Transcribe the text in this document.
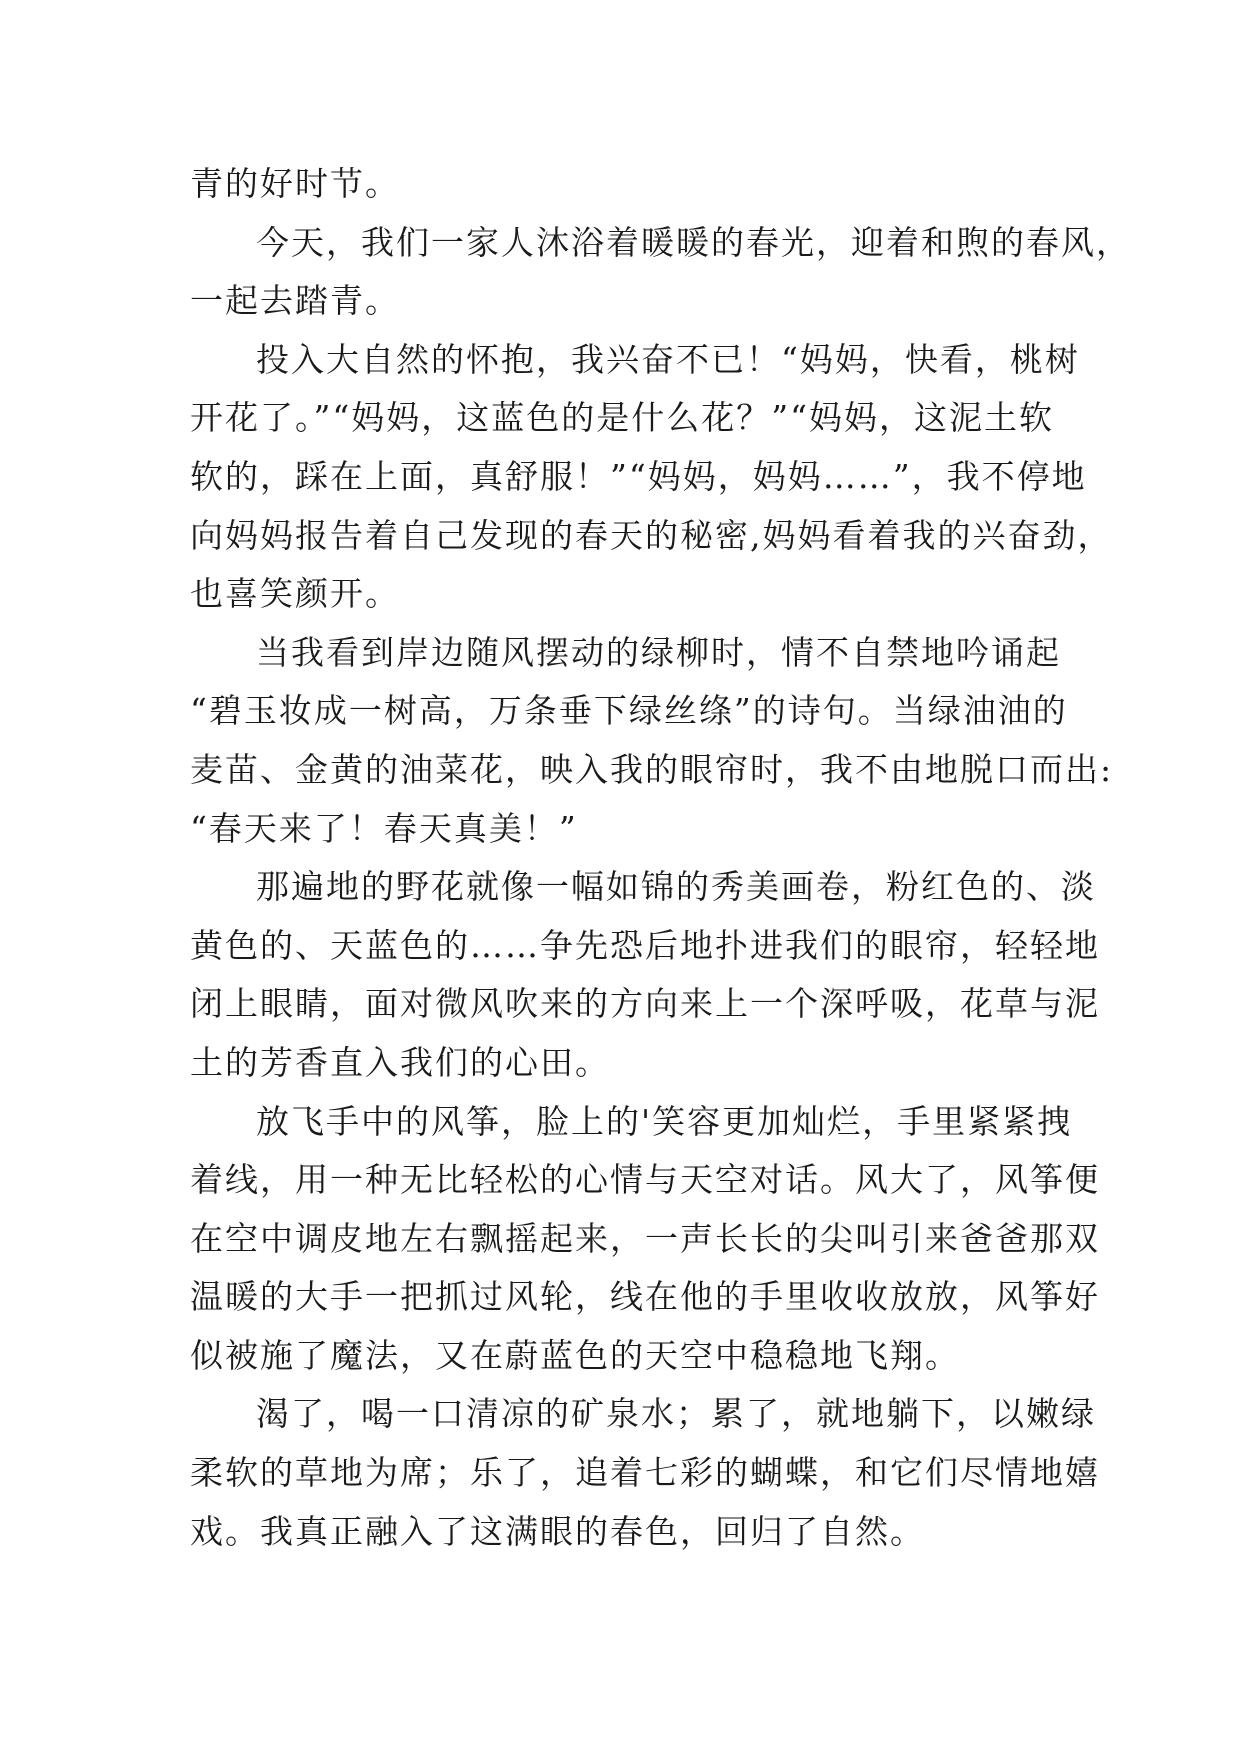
青的好时节。
今天，我们一家人沐浴着暖暖的春光，迎着和煦的春风，
一起去踏青。
投入大自然的怀抱，我兴奋不已！“妈妈，快看，桃树
开花了。”“妈妈，这蓝色的是什么花？”“妈妈，这泥土软
软的，踩在上面，真舒服！”“妈妈，妈妈……”，我不停地
向妈妈报告着自己发现的春天的秘密,妈妈看着我的兴奋劲，
也喜笑颜开。
当我看到岸边随风摆动的绿柳时，情不自禁地吟诵起
“碧玉妆成一树高，万条垂下绿丝绦”的诗句。当绿油油的
麦苗、金黄的油菜花，映入我的眼帘时，我不由地脱口而出:
“春天来了！春天真美！”
那遍地的野花就像一幅如锦的秀美画卷，粉红色的、淡
黄色的、天蓝色的……争先恐后地扑进我们的眼帘，轻轻地
闭上眼睛，面对微风吹来的方向来上一个深呼吸，花草与泥
土的芳香直入我们的心田。
放飞手中的风筝，脸上的'笑容更加灿烂，手里紧紧拽
着线，用一种无比轻松的心情与天空对话。风大了，风筝便
在空中调皮地左右飘摇起来，一声长长的尖叫引来爸爸那双
温暖的大手一把抓过风轮，线在他的手里收收放放，风筝好
似被施了魔法，又在蔚蓝色的天空中稳稳地飞翔。
渴了，喝一口清凉的矿泉水；累了，就地躺下，以嫩绿
柔软的草地为席；乐了，追着七彩的蝴蝶，和它们尽情地嬉
戏。我真正融入了这满眼的春色，回归了自然。
